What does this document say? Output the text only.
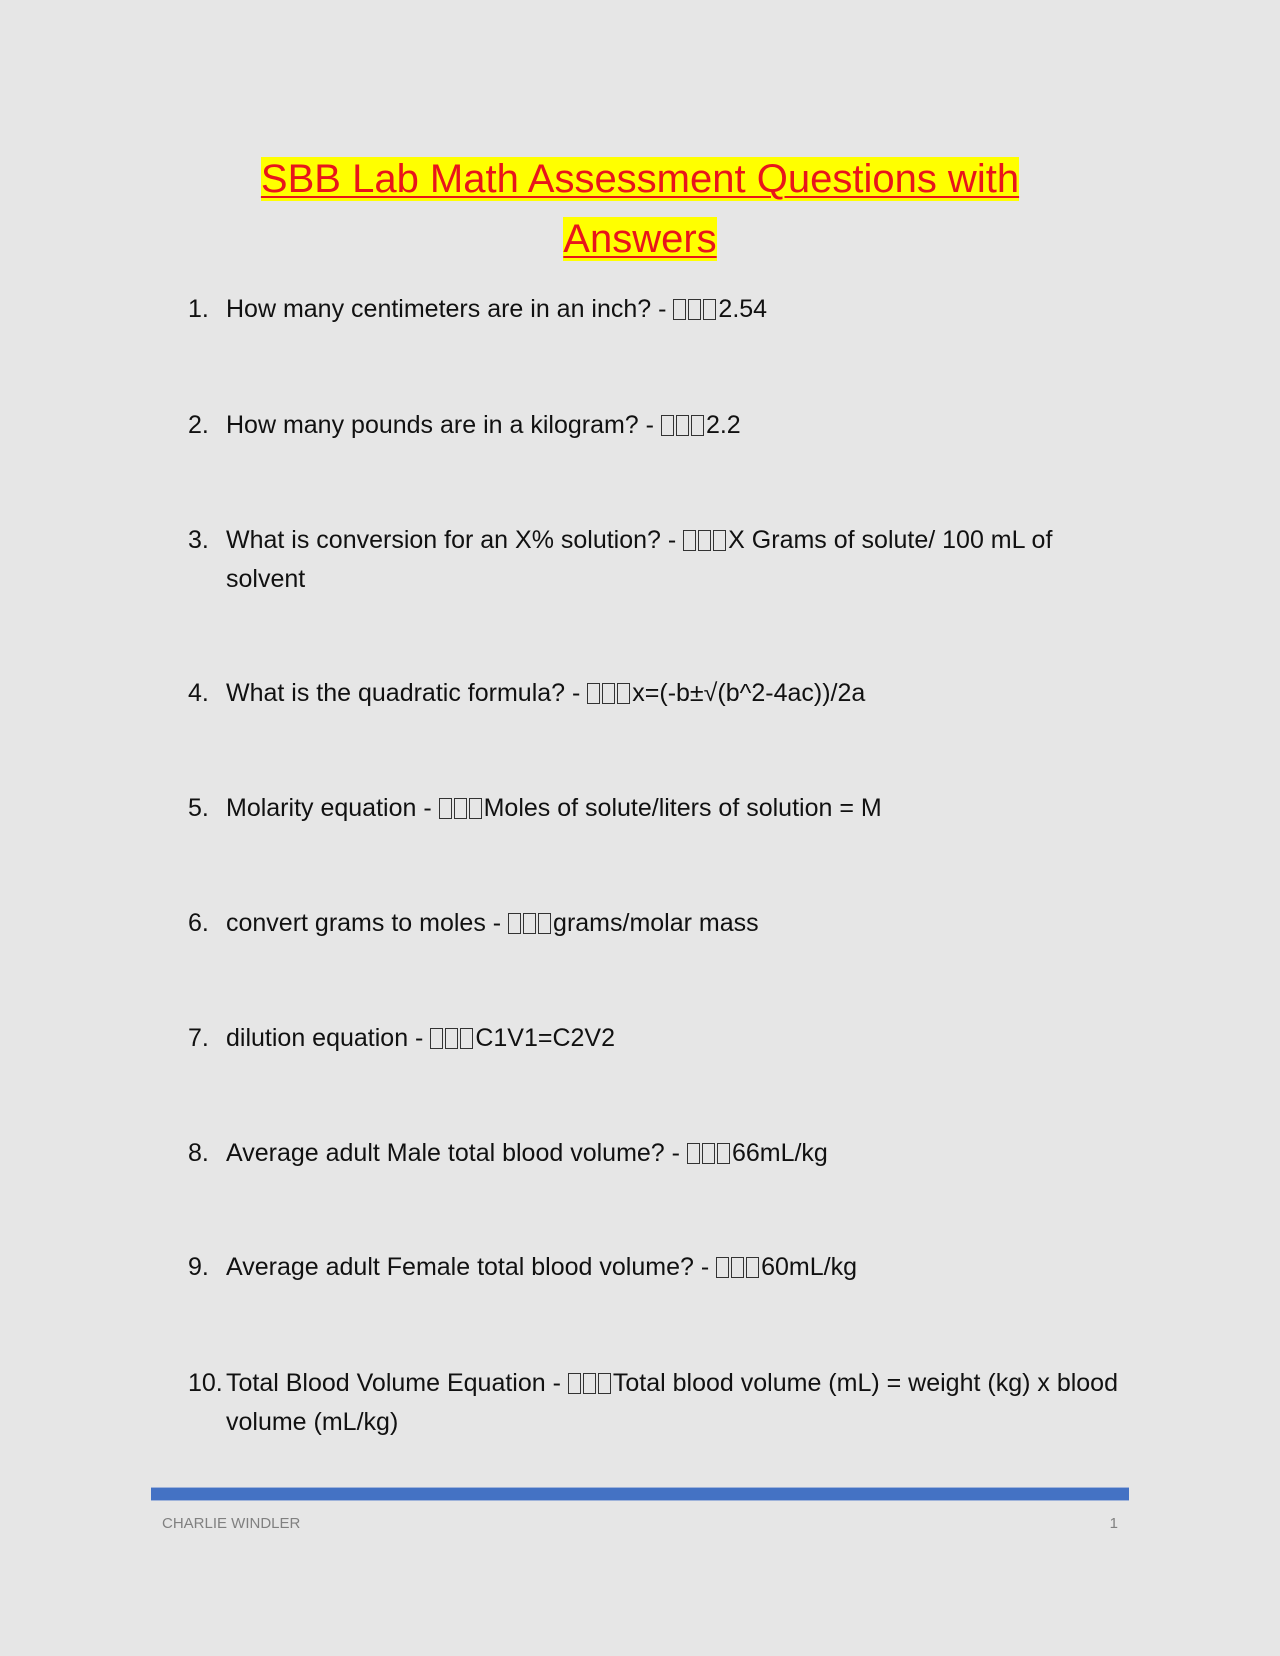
SBB Lab Math Assessment Questions with
Answers
1. How many centimeters are in an inch? - 2.54
2. How many pounds are in a kilogram? - 2.2
3. What is conversion for an X% solution? - X Grams of solute/ 100 mL of solvent
4. What is the quadratic formula? - x=(-b±√(b^2-4ac))/2a
5. Molarity equation - Moles of solute/liters of solution = M
6. convert grams to moles - grams/molar mass
7. dilution equation - C1V1=C2V2
8. Average adult Male total blood volume? - 66mL/kg
9. Average adult Female total blood volume? - 60mL/kg
10. Total Blood Volume Equation - Total blood volume (mL) = weight (kg) x blood volume (mL/kg)
CHARLIE WINDLER	1
